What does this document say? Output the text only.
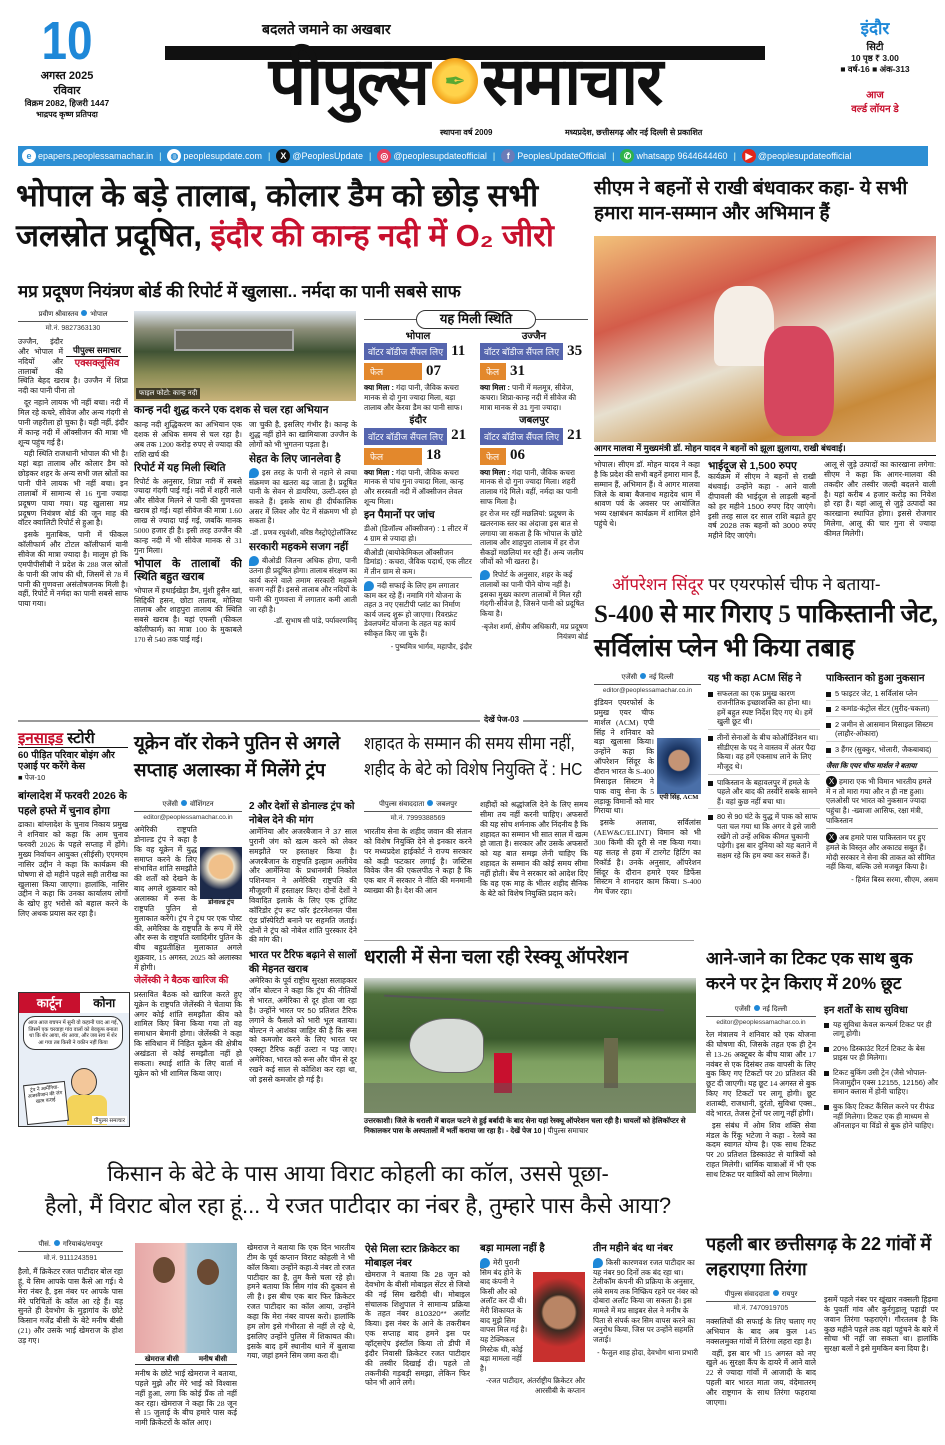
10
अगस्त 2025
रविवार
विक्रम 2082, हिजरी 1447
भाद्रपद कृष्ण प्रतिपदा
बदलते जमाने का अखबार
पीपुल्स ✒ समाचार
स्थापना वर्ष 2009	मध्यप्रदेश, छत्तीसगढ़ और नई दिल्ली से प्रकाशित
इंदौर
सिटी
10 पृष्ठ ₹ 3.00
■ वर्ष-16 ■ अंक-313
आज
वर्ल्ड लॉयन डे
e epapers.peoplessamachar.in |	◍ peoplesupdate.com |	X @PeoplesUpdate |	◎ @peoplesupdateofficial |	f PeoplesUpdateOfficial |	✆ whatsapp 9644644460 |	▶ @peoplesupdateofficial
भोपाल के बड़े तालाब, कोलार डैम को छोड़ सभी
जलस्रोत प्रदूषित, इंदौर की कान्ह नदी में O₂ जीरो
मप्र प्रदूषण नियंत्रण बोर्ड की रिपोर्ट में खुलासा.. नर्मदा का पानी सबसे साफ
प्रवीण श्रीवास्तव भोपाल
मो.नं. 9827363130
पीपुल्स समाचार
एक्सक्लूसिव

उज्जैन, इंदौर और भोपाल में नदियों और तालाबों की स्थिति बेहद खराब है। उज्जैन में शिप्रा नदी का पानी पीना तो

दूर नहाने लायक भी नहीं बचा। नदी में मिल रहे कचरे, सीवेज और अन्य गंदगी से पानी जहरीला हो चुका है। यही नहीं, इंदौर में कान्ह नदी में ऑक्सीजन की मात्रा भी शून्य पहुंच गई है।

यही स्थिति राजधानी भोपाल की भी है। यहां बड़ा तालाब और कोलार डैम को छोड़कर शहर के अन्य सभी जल स्रोतों का पानी पीने लायक भी नहीं बचा। इन तालाबों में सामान्य से 16 गुना ज्यादा प्रदूषण पाया गया। यह खुलासा मप्र प्रदूषण नियंत्रण बोर्ड की जून माह की वॉटर क्वालिटी रिपोर्ट से हुआ है।

इसके मुताबिक, पानी में फीकल कॉलीफार्म और टोटल कॉलीफार्म यानी सीवेज की मात्रा ज्यादा है। मालूम हो कि एमपीपीसीबी ने प्रदेश के 288 जल स्रोतों के पानी की जांच की थी, जिसमें से 78 में पानी की गुणवत्ता असंतोषजनक मिली है। वहीं, रिपोर्ट में नर्मदा का पानी सबसे साफ पाया गया।

फाइल फोटो: कान्ह नदी
कान्ह नदी शुद्ध करने एक दशक से चल रहा अभियान

कान्ह नदी शुद्धिकरण का अभियान एक दशक से अधिक समय से चल रहा है। अब तक 1200 करोड़ रुपए से ज्यादा की राशि खर्च की

रिपोर्ट में यह मिली स्थिति

रिपोर्ट के अनुसार, शिप्रा नदी में सबसे ज्यादा गंदगी पाई गई। नदी में शहरी नाले और सीवेज मिलने से पानी की गुणवत्ता खराब हो गई। यहां सीवेज की मात्रा 1.60 लाख से ज्यादा पाई गई, जबकि मानक 5000 हजार ही है। इसी तरह उज्जैन की कान्ह नदी में भी सीवेज मानक से 31 गुना मिला।

भोपाल के तालाबों की स्थिति बहुत खराब

भोपाल में हथाईखेड़ा डैम, मुंशी हुसैन खां, सिद्दिकी हसन, छोटा तालाब, मोतिया तालाब और शाहपुरा तालाब की स्थिति सबसे खराब है। यहां एफसी (फीकल कॉलीफार्म) का मात्रा 100 के मुकाबले 170 से 540 तक पाई गई।

जा चुकी है, इसलिए गंभीर है। कान्ह के शुद्ध नहीं होने का खामियाजा उज्जैन के लोगों को भी भुगतना पड़ता है।

सेहत के लिए जानलेवा है
इस तरह के पानी से नहाने से त्वचा संक्रमण का खतरा बढ़ जाता है। प्रदूषित पानी के सेवन से डायरिया, उल्टी-दस्त हो सकते हैं। इसके साथ ही दीर्घकालिक असर में लिवर और पेट में संक्रमण भी हो सकता है।
-डॉ . प्रणव रघुवंशी, वरिष्ठ गैस्ट्रोएंट्रोलॉजिस्ट
सरकारी महकमे सजग नहीं
बीओडी जितना अधिक होगा, पानी उतना ही प्रदूषित होगा। तालाब संरक्षण का कार्य करने वाले तमाम सरकारी महकमे सजग नहीं हैं। इससे तालाब और नदियों के पानी की गुणवत्ता में लगातार कमी आती जा रही है।
-डॉ. सुभाष सी पांडे, पर्यावरणविद्
यह मिली स्थिति
भोपाल
वॉटर बॉडीज सैंपल लिए 11
फेल	07
क्या मिला : गंदा पानी, जैविक कचरा मानक से दो गुना ज्यादा मिला, बड़ा तालाब और केरवा डैम का पानी साफ।
उज्जैन
वॉटर बॉडीज सैंपल लिए 35
फेल 31
क्या मिला : पानी में मलमूत्र, सीवेज, कचरा। शिप्रा-कान्ह नदी में सीवेज की मात्रा मानक से 31 गुना ज्यादा।
इंदौर
वॉटर बॉडीज सैंपल लिए 21
फेल	18
क्या मिला : गंदा पानी, जैविक कचरा मानक से पांच गुना ज्यादा मिला, कान्ह और सरस्वती नदी में ऑक्सीजन लेवल शून्य मिला।
इन पैमानों पर जांच
डीओ (डिजॉल्व ऑक्सीजन) : 1 लीटर में 4 ग्राम से ज्यादा हो।
बीओडी (बायोकेमिकल ऑक्सीजन डिमांड) : कचरा, जैविक पदार्थ, एक लीटर में तीन ग्राम से कम।
नदी सफाई के लिए हम लगातार काम कर रहे हैं। नमामि गंगे योजना के तहत 3 नए एसटीपी प्लांट का निर्माण कार्य जल्द शुरू हो जाएगा। रिवरफ्रंट डेवलपमेंट योजना के तहत यह कार्य स्वीकृत किए जा चुके हैं।
- पुष्यमित्र भार्गव, महापौर, इंदौर
जबलपुर
वॉटर बॉडीज सैंपल लिए 21
फेल 06
क्या मिला : गंदा पानी, जैविक कचरा मानक से दो गुना ज्यादा मिला। शहरी तालाब गंदे मिले। वहीं, नर्मदा का पानी साफ मिला है।
हर रोज मर रहीं मछलियां: प्रदूषण के खतरनाक स्तर का अंदाजा इस बात से लगाया जा सकता है कि भोपाल के छोटे तालाब और शाहपुरा तालाब में हर रोज सैकड़ों मछलियां मर रही हैं। अन्य जलीय जीवों को भी खतरा है।
रिपोर्ट के अनुसार, शहर के कई तालाबों का पानी पीने योग्य नहीं है। इसका मुख्य कारण तालाबों में मिल रही गंदगी-सीवेज है, जिसने पानी को प्रदूषित किया है।
-बृजेश शर्मा, क्षेत्रीय अधिकारी, मप्र प्रदूषण नियंत्रण बोर्ड
देखें पेज-03
सीएम ने बहनों से राखी बंधवाकर कहा- ये सभी हमारा मान-सम्मान और अभिमान हैं
आगर मालवा में मुख्यमंत्री डॉ. मोहन यादव ने बहनों को झूला झुलाया, राखी बंधवाई।
भोपाल। सीएम डॉ. मोहन यादव ने कहा है कि प्रदेश की सभी बहनें हमारा मान हैं, सम्मान हैं, अभिमान हैं। वे आगर मालवा जिले के बाबा बैजनाथ महादेव धाम में श्रावण पर्व के अवसर पर आयोजित भव्य रक्षाबंधन कार्यक्रम में शामिल होने पहुंचे थे।
भाईदूज से 1,500 रुपए
कार्यक्रम में सीएम ने बहनों से राखी बंधवाई। उन्होंने कहा - आने वाली दीपावली की भाईदूज से लाड़ली बहनों को हर महीने 1500 रुपए दिए जाएंगे। इसी तरह साल दर साल राशि बढ़ाते हुए वर्ष 2028 तक बहनों को 3000 रुपए महीने दिए जाएंगे।
आलू से जुड़े उत्पादों का कारखाना लगेगा: सीएम ने कहा कि आगर-मालवा की तकदीर और तस्वीर जल्दी बदलने वाली है। यहां करीब 4 हजार करोड़ का निवेश हो रहा है। यहां आलू से जुड़े उत्पादों का कारखाना स्थापित होगा। इससे रोजगार मिलेगा, आलू की चार गुना से ज्यादा कीमत मिलेगी।
ऑपरेशन सिंदूर पर एयरफोर्स चीफ ने बताया-
S-400 से मार गिराए 5 पाकिस्तानी जेट, सर्विलांस प्लेन भी किया तबाह
एजेंसी नई दिल्ली
editor@peoplessamachar.co.in
एपी सिंह, ACM

इंडियन एयरफोर्स के प्रमुख एयर चीफ मार्शल (ACM) एपी सिंह ने शनिवार को बड़ा खुलासा किया। उन्होंने कहा कि ऑपरेशन सिंदूर के दौरान भारत के S-400 मिसाइल सिस्टम ने पाक वायु सेना के 5 लड़ाकू विमानों को मार गिराया था।

इसके अलावा, सर्विलांस (AEW&C/ELINT) विमान को भी 300 किमी की दूरी से नष्ट किया गया। यह सतह से हवा में टारगेट हिटिंग का रिकॉर्ड है। उनके अनुसार, ऑपरेशन सिंदूर के दौरान हमारे एयर डिफेंस सिस्टम ने शानदार काम किया। S-400 गेम चेंजर रहा।

यह भी कहा ACM सिंह ने
सफलता का एक प्रमुख कारण राजनीतिक इच्छाशक्ति का होना था। हमें बहुत स्पष्ट निर्देश दिए गए थे। हमें खुली छूट थी।
तीनों सेनाओं के बीच कोऑर्डिनेशन था। सीडीएस के पद ने वास्तव में अंतर पैदा किया। वह हमें एकसाथ लाने के लिए मौजूद थे।
पाकिस्तान के बहावलपुर में हमले के पहले और बाद की तस्वीरें सबके सामने हैं। वहां कुछ नहीं बचा था।
80 से 90 घंटे के युद्ध में पाक को साफ पता चल गया था कि अगर वे इसे जारी रखेंगे तो उन्हें अधिक कीमत चुकानी पड़ेगी। इस बार दुनिया को यह बताने में सक्षम रहे कि हम क्या कर सकते हैं।
पाकिस्तान को हुआ नुकसान
5 फाइटर जेट, 1 सर्विलांस प्लेन
2 कमांड-कंट्रोल सेंटर (मुरीद-चकला)
2 जमीन से आसमान मिसाइल सिस्टम (लाहौर-ओकारा)
3 हैंगर (सुक्कुर, भोलारी, जैकबाबाद)
जैसा कि एयर चीफ मार्शल ने बताया
X हमारा एक भी विमान भारतीय हमले में न तो मारा गया और न ही नष्ट हुआ। एलओसी पर भारत को नुकसान ज्यादा पहुंचा है। -ख्वाजा आसिफ, रक्षा मंत्री, पाकिस्तान
X अब हमारे पास पाकिस्तान पर हुए हमले के विस्तृत और अकाट्य सबूत हैं। मोदी सरकार ने सेना की ताकत को सीमित नहीं किया, बल्कि उसे मजबूत किया है।
- हिमंत बिस्व सरमा, सीएम, असम
इनसाइड स्टोरी
60 पीड़ित परिवार बोइंग और एआई पर करेंगे केस
■ पेज-10
बांग्लादेश में फरवरी 2026 के पहले हफ्ते में चुनाव होगा
ढाका। बांग्लादेश के चुनाव निकाय प्रमुख ने शनिवार को कहा कि आम चुनाव फरवरी 2026 के पहले सप्ताह में होंगे। मुख्य निर्वाचन आयुक्त (सीईसी) एएमएम नासिर उद्दीन ने कहा कि कार्यक्रम की घोषणा से दो महीने पहले सही तारीख का खुलासा किया जाएगा। हालांकि, नासिर उद्दीन ने कहा कि उनका कार्यालय लोगों के खोए हुए भरोसे को बहाल करने के लिए अथक प्रयास कर रहा है।
यूक्रेन वॉर रोकने पुतिन से अगले सप्ताह अलास्का में मिलेंगे ट्रंप
एजेंसी वॉशिंगटन
editor@peoplessamachar.co.in
डोनाल्ड ट्रंप

अमेरिकी राष्ट्रपति डोनाल्ड ट्रंप ने कहा है कि वह यूक्रेन में युद्ध समाप्त करने के लिए संभावित शांति समझौते की शर्तों को देखने के बाद अगले शुक्रवार को अलास्का में रूस के राष्ट्रपति पुतिन से मुलाकात करेंगे। ट्रंप ने ट्रुथ पर एक पोस्ट की, अमेरिका के राष्ट्रपति के रूप में मेरे और रूस के राष्ट्रपति व्लादिमीर पुतिन के बीच बहुप्रतीक्षित मुलाकात अगले शुक्रवार, 15 अगस्त, 2025 को अलास्का में होगी।

जेलेंस्की ने बैठक खारिज की

प्रस्तावित बैठक को खारिज करते हुए यूक्रेन के राष्ट्रपति जेलेंस्की ने चेताया कि अगर कोई शांति समझौता कीव को शामिल किए बिना किया गया तो वह समाधान बेमानी होगा। जेलेंस्की ने कहा कि संविधान में निहित यूक्रेन की क्षेत्रीय अखंडता से कोई समझौता नहीं हो सकता। स्थाई शांति के लिए वार्ता में यूक्रेन को भी शामिल किया जाए।

2 और देशों से डोनाल्ड ट्रंप को नोबेल देने की मांग
आर्मेनिया और अजरबैजान ने 37 साल पुरानी जंग को खत्म करने को लेकर समझौते पर हस्ताक्षर किया है। अजरबैजान के राष्ट्रपति इल्हाम अलीयेव और आर्मेनिया के प्रधानमंत्री निकोल पशिनयान ने अमेरिकी राष्ट्रपति की मौजूदगी में हस्ताक्षर किए। दोनों देशों ने विवादित इलाके के लिए एक ट्रांजिट कॉरिडोर ट्रंप रूट फॉर इंटरनेशनल पीस एंड प्रॉस्पेरिटी बनाने पर सहमति जताई। दोनों ने ट्रंप को नोबेल शांति पुरस्कार देने की मांग की।
भारत पर टैरिफ बढ़ाने से सालों की मेहनत खराब
अमेरिका के पूर्व राष्ट्रीय सुरक्षा सलाहकार जॉन बोल्टन ने कहा कि ट्रंप की नीतियों से भारत, अमेरिका से दूर होता जा रहा है। उन्होंने भारत पर 50 प्रतिशत टैरिफ लगाने के फैसले को भारी भूल बताया। बोल्टन ने आशंका जाहिर की है कि रूस को कमजोर करने के लिए भारत पर एक्स्ट्रा टैरिफ कहीं उल्टा न पड़ जाए। अमेरिका, भारत को रूस और चीन से दूर रखने कई साल से कोशिश कर रहा था, जो इससे कमजोर हो गई है।
शहादत के सम्मान की समय सीमा नहीं, शहीद के बेटे को विशेष नियुक्ति दें : HC
पीपुल्स संवाददाता जबलपुर
मो.नं. 7999388569
भारतीय सेना के शहीद जवान की संतान को विशेष नियुक्ति देने से इनकार करने पर मध्यप्रदेश हाईकोर्ट ने राज्य सरकार को कड़ी फटकार लगाई है। जस्टिस विवेक जैन की एकलपीठ ने कहा है कि एक बार में सरकार ने नीति की मनमानी व्याख्या की है। देश की आन
शहीदों को श्रद्धांजलि देने के लिए समय सीमा तय नहीं करनी चाहिए। अफसरों की यह सोच शर्मनाक और निंदनीय है कि शहादत का सम्मान भी सात साल में खत्म हो जाता है। सरकार और उसके अफसरों को यह बात समझ लेनी चाहिए कि शहादत के सम्मान की कोई समय सीमा नहीं होती। बेंच ने सरकार को आदेश दिए कि वह एक माह के भीतर शहीद सैनिक के बेटे को विशेष नियुक्ति प्रदान करे।
कार्टून	कोना
आज आज बचपन में सुनी वो कहानी याद आ गई, जिसमें एक चरवाहा गांव वालों को बेवकूफ बनाता था कि शेर आया, शेर आया, और जब सच में शेर आ गया तब किसी ने यकीन नहीं किया
ट्रंप ने आर्मेनिया-अजरबैजान की जंग खत्म कराई
पीपुल्स समाचार
धराली में सेना चला रही रेस्क्यू ऑपरेशन
उत्तरकाशी। जिले के धराली में बादल फटने से हुई बर्बादी के बाद सेना यहां रेस्क्यू ऑपरेशन चला रही है। घायलों को हेलिकॉप्टर से निकालकर पास के अस्पतालों में भर्ती कराया जा रहा है। - देखें पेज 10 | पीपुल्स समाचार
आने-जाने का टिकट एक साथ बुक करने पर ट्रेन किराए में 20% छूट
एजेंसी नई दिल्ली
editor@peoplessamachar.co.in

रेल मंत्रालय ने शनिवार को एक योजना की घोषणा की, जिसके तहत एक ही ट्रेन से 13-26 अक्टूबर के बीच यात्रा और 17 नवंबर से एक दिसंबर तक वापसी के लिए बुक किए गए टिकटों पर 20 प्रतिशत की छूट दी जाएगी। यह छूट 14 अगस्त से बुक किए गए टिकटों पर लागू होगी। छूट शताब्दी, राजधानी, दुरंतो, सुविधा एक्स., वंदे भारत, तेजस ट्रेनों पर लागू नहीं होगी।

इस संबंध में ओम शिव शक्ति सेवा मंडल के रिंकू भटेजा ने कहा - रेलवे का कदम स्वागत योग्य है। एक साथ टिकट पर 20 प्रतिशत डिस्काउंट से यात्रियों को राहत मिलेगी। धार्मिक यात्राओं में भी एक साथ टिकट पर यात्रियों को लाभ मिलेगा।

इन शर्तों के साथ सुविधा
यह सुविधा केवल कन्फर्म टिकट पर ही लागू होगी।
20% डिस्काउंट रिटर्न टिकट के बेस प्राइस पर ही मिलेगा।
टिकट बुकिंग उसी ट्रेन (जैसे भोपाल-निजामुद्दीन एक्स 12155, 12156) और समान क्लास में होनी चाहिए।
बुक किए टिकट कैंसिल करने पर रीफंड नहीं मिलेगा। टिकट एक ही माध्यम से ऑनलाइन या विंडो से बुक होने चाहिए।
किसान के बेटे के पास आया विराट कोहली का कॉल, उससे पूछा-
हैलो, मैं विराट बोल रहा हूं... ये रजत पाटीदार का नंबर है, तुम्हारे पास कैसे आया?
पीसं. गरियाबंद/रायपुर
मो.नं. 9111243591
हैलो, मैं क्रिकेटर रजत पाटीदार बोल रहा हूं, ये सिम आपके पास कैसे आ गई। ये मेरा नंबर है, इस नंबर पर आपके पास मेरे परिचितों के कॉल आ रहे हैं। यह सुनते ही देवभोग के मुड़ागांव के छोटे किसान गजेंद्र बीसी के बेटे मनीष बीसी (21) और उसके भाई खेमराज के होश उड़ गए।
खेमराज बीसी	मनीष बीसी
मनीष के छोटे भाई खेमराज ने बताया, पहले मुझे और मेरे भाई को विश्वास नहीं हुआ, लगा कि कोई प्रैंक तो नहीं कर रहा। खेमराज ने कहा कि 28 जून से 15 जुलाई के बीच हमारे पास कई नामी क्रिकेटरों के कॉल आए।
खेमराज ने बताया कि एक दिन भारतीय टीम के पूर्व कप्तान विराट कोहली ने भी कॉल किया। उन्होंने कहा-ये नंबर तो रजत पाटीदार का है, तुम कैसे चला रहे हो। हमने बताया कि सिम गांव की दुकान से ली है। इस बीच एक बार फिर क्रिकेटर रजत पाटीदार का कॉल आया, उन्होंने कहा कि मेरा नंबर वापस करो। हालांकि हम लोग इसे गंभीरता से नहीं ले रहे थे, इसलिए उन्होंने पुलिस में शिकायत की। इसके बाद हमें स्थानीय थाने में बुलाया गया, जहां हमने सिम जमा करा दी।
ऐसे मिला स्टार क्रिकेटर का मोबाइल नंबर
खेमराज ने बताया कि 28 जून को देवभोग के बीसी मोबाइल सेंटर से जियो की नई सिम खरीदी थी। मोबाइल संचालक शिशुपाल ने सामान्य प्रक्रिया के तहत नंबर 810320** अलॉट किया। इस नंबर के आने के तकरीबन एक सप्ताह बाद हमने इस पर व्हॉट्सऐप इंस्टॉल किया तो डीपी में इंदौर निवासी क्रिकेटर रजत पाटीदार की तस्वीर दिखाई दी। पहले तो तकनीकी गड़बड़ी समझा, लेकिन फिर फोन भी आने लगे।
बड़ा मामला नहीं है
मेरी पुरानी सिम बंद होने के बाद कंपनी ने किसी और को अलॉट कर दी थी। मेरी शिकायत के बाद मुझे सिम वापस मिल गई है। यह टेक्निकल मिस्टेक थी, कोई बड़ा मामला नहीं है।
-रजत पाटीदार, अंतर्राष्ट्रीय क्रिकेटर और आरसीबी के कप्तान
तीन महीने बंद था नंबर
किसी कारणवश रजत पाटीदार का यह नंबर 90 दिनों तक बंद रहा था। टेलीकॉम कंपनी की प्रक्रिया के अनुसार, लंबे समय तक निष्क्रिय रहने पर नंबर को दोबारा अलॉट किया जा सकता है। इस मामले में मप्र साइबर सेल ने मनीष के पिता से संपर्क कर सिम वापस करने का अनुरोध किया, जिस पर उन्होंने सहमति जताई।
- फैजुल शाह होदा, देवभोग थाना प्रभारी
पहली बार छत्तीसगढ़ के 22 गांवों में लहराएगा तिरंगा
पीपुल्स संवाददाता रायपुर
मो.नं. 7470919705

नक्सलियों की सफाई के लिए चलाए गए अभियान के बाद अब कुल 145 नक्सलमुक्त गांवों में तिरंगा लहरा रहा है।

वहीं, इस बार भी 15 अगस्त को नए खुले 46 सुरक्षा कैंप के दायरे में आने वाले 22 से ज्यादा गांवों में आजादी के बाद पहली बार भारत माता जय, वंदेमातरम् और राष्ट्रगान के साथ तिरंगा फहराया जाएगा।

इसमें पहले नंबर पर खूंखार नक्सली हिड़मा के पुवर्ती गांव और कुर्रगुड़ालू पहाड़ी पर जवान तिरंगा फहराएंगे। गौरतलब है कि कुछ महीने पहले तक वहां पहुंचने के बारे में सोचा भी नहीं जा सकता था। हालांकि सुरक्षा बलों ने इसे मुमकिन बना दिया है।
